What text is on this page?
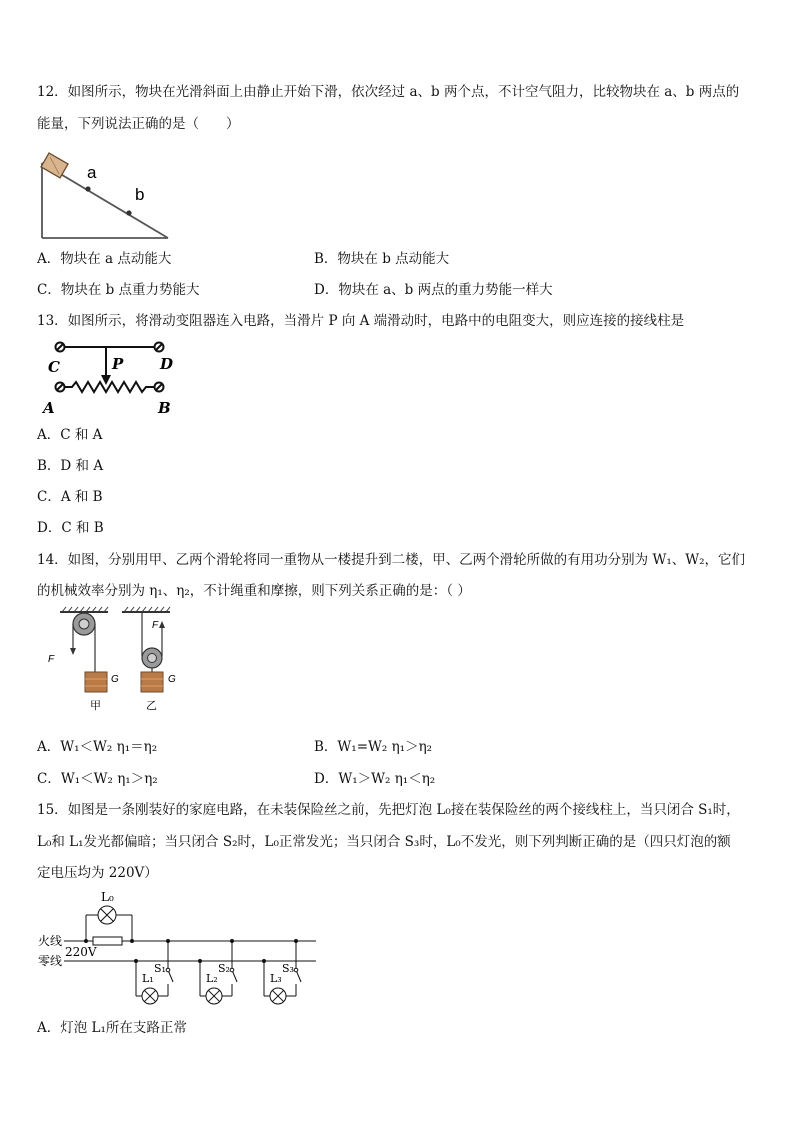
12．如图所示，物块在光滑斜面上由静止开始下滑，依次经过 a、b 两个点，不计空气阻力，比较物块在 a、b 两点的
能量，下列说法正确的是（　　）
a
b
A．物块在 a 点动能大	B．物块在 b 点动能大
C．物块在 b 点重力势能大	D．物块在 a、b 两点的重力势能一样大
13．如图所示，将滑动变阻器连入电路，当滑片 P 向 A 端滑动时，电路中的电阻变大，则应连接的接线柱是
C	D
P
A	B
A．C 和 A
B．D 和 A
C．A 和 B
D．C 和 B
14．如图，分别用甲、乙两个滑轮将同一重物从一楼提升到二楼，甲、乙两个滑轮所做的有用功分别为 W₁、W₂，它们
的机械效率分别为 η₁、η₂，不计绳重和摩擦，则下列关系正确的是：（ ）
F
G
甲
F
G
乙
A．W₁＜W₂ η₁＝η₂	B．W₁=W₂ η₁＞η₂
C．W₁＜W₂ η₁＞η₂	D．W₁＞W₂ η₁＜η₂
15．如图是一条刚装好的家庭电路，在未装保险丝之前，先把灯泡 L₀接在装保险丝的两个接线柱上，当只闭合 S₁时，
L₀和 L₁发光都偏暗；当只闭合 S₂时，L₀正常发光；当只闭合 S₃时，L₀不发光，则下列判断正确的是（四只灯泡的额
定电压均为 220V）
L₀
火线
零线
220V
S₁	S₂	S₃
L₁	L₂	L₃
A．灯泡 L₁所在支路正常
